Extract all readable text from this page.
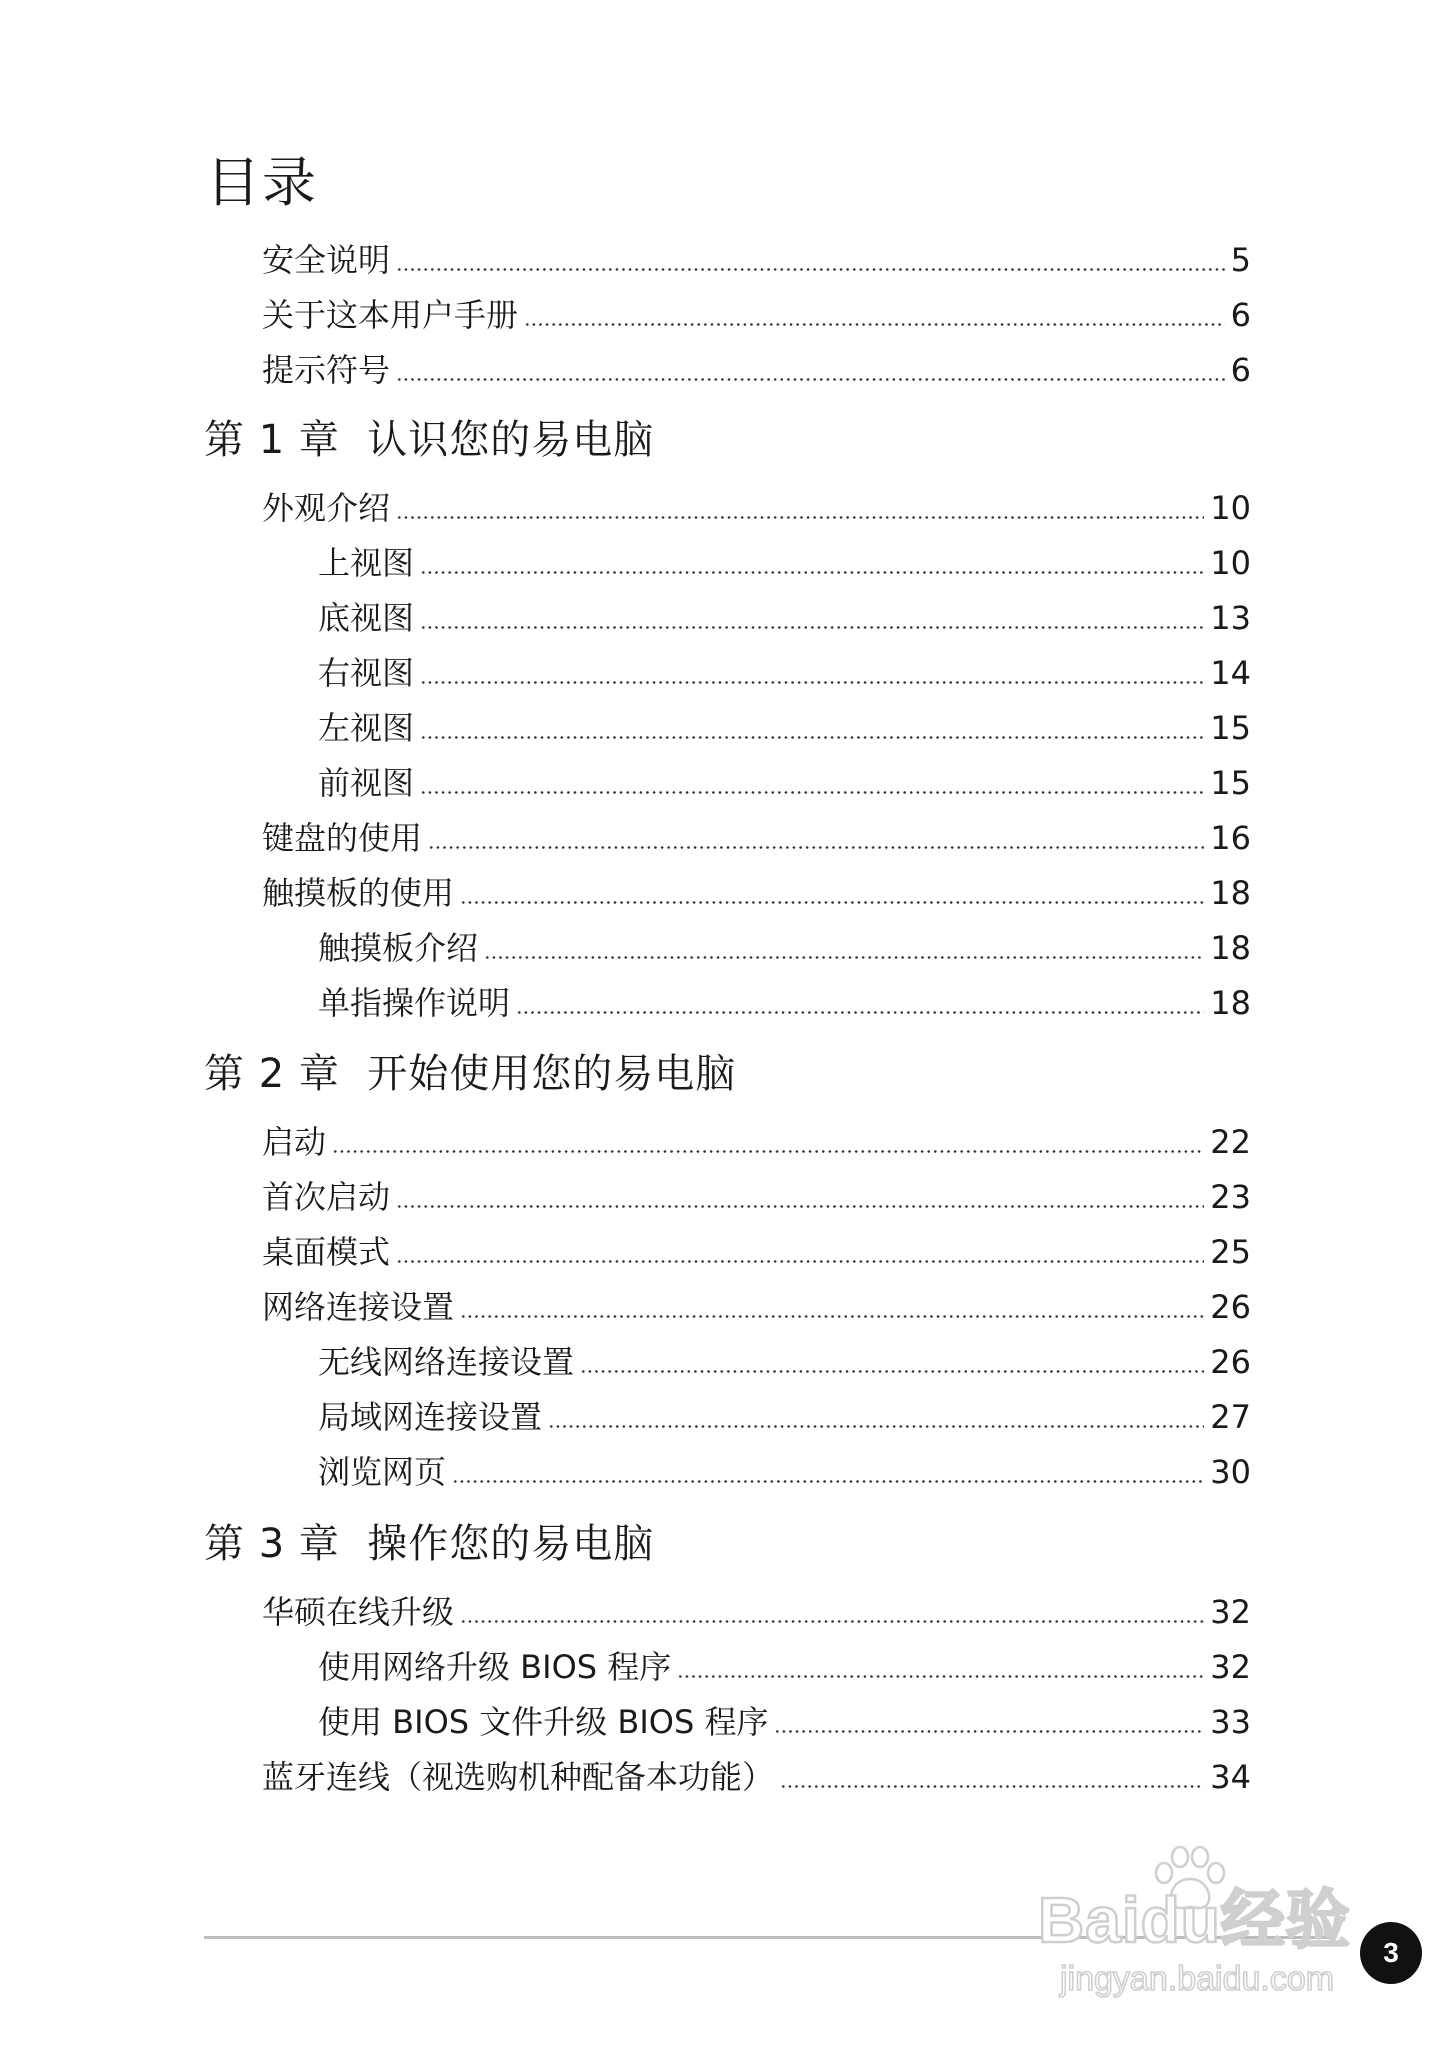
目录
安全说明	5
关于这本用户手册	6
提示符号	6
第 1 章  认识您的易电脑
外观介绍	10
上视图	10
底视图	13
右视图	14
左视图	15
前视图	15
键盘的使用	16
触摸板的使用	18
触摸板介绍	18
单指操作说明	18
第 2 章  开始使用您的易电脑
启动	22
首次启动	23
桌面模式	25
网络连接设置	26
无线网络连接设置	26
局域网连接设置	27
浏览网页	30
第 3 章  操作您的易电脑
华硕在线升级	32
使用网络升级 BIOS 程序	32
使用 BIOS 文件升级 BIOS 程序	33
蓝牙连线（视选购机种配备本功能）	34
Baidu经验
jingyan.baidu.com
3
